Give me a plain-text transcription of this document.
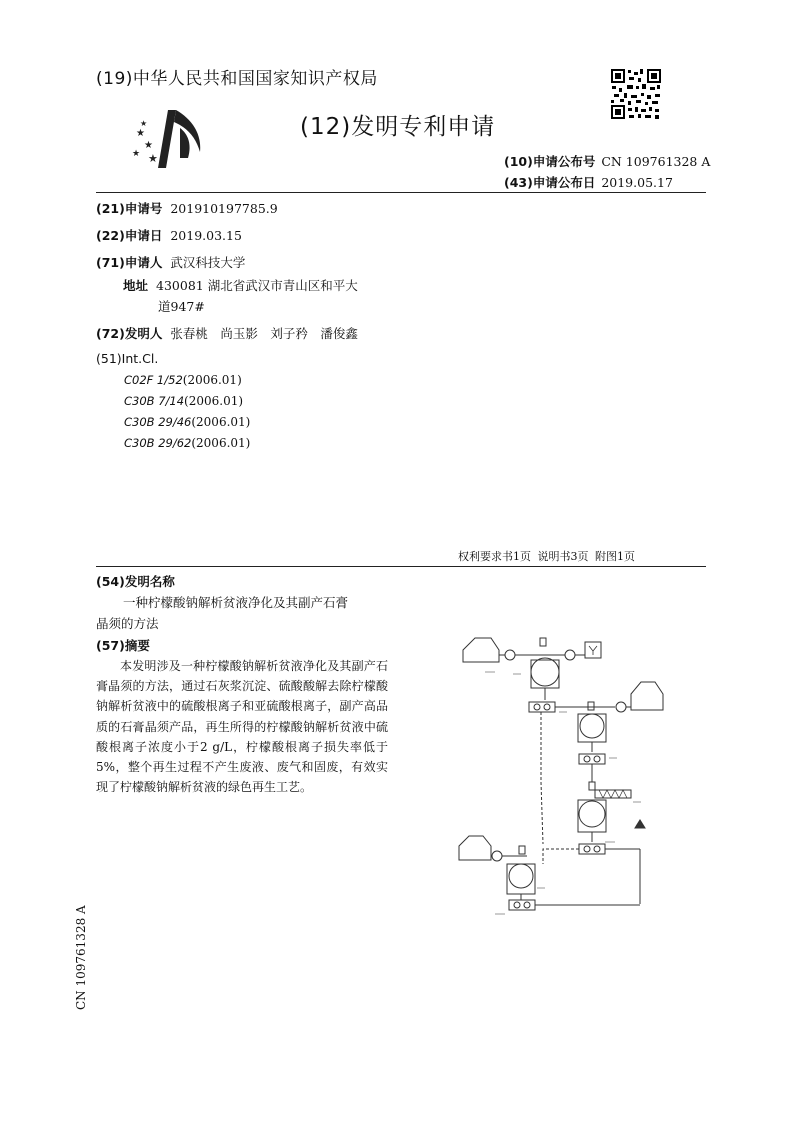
★
★
★ ★
★
(19)中华人民共和国国家知识产权局
(12)发明专利申请
(10)申请公布号 CN 109761328 A
(43)申请公布日 2019.05.17
(21)申请号 201910197785.9
(22)申请日 2019.03.15
(71)申请人 武汉科技大学
地址 430081 湖北省武汉市青山区和平大
道947#
(72)发明人 张春桃　尚玉影　刘子矜　潘俊鑫
(51)Int.Cl.
C02F 1/52(2006.01)
C30B 7/14(2006.01)
C30B 29/46(2006.01)
C30B 29/62(2006.01)
权利要求书1页 说明书3页 附图1页
(54)发明名称
一种柠檬酸钠解析贫液净化及其副产石膏
晶须的方法
(57)摘要
本发明涉及一种柠檬酸钠解析贫液净化及其副产石膏晶须的方法，通过石灰浆沉淀、硫酸酸解去除柠檬酸钠解析贫液中的硫酸根离子和亚硫酸根离子，副产高品质的石膏晶须产品，再生所得的柠檬酸钠解析贫液中硫酸根离子浓度小于2 g/L，柠檬酸根离子损失率低于5%，整个再生过程不产生废液、废气和固废，有效实现了柠檬酸钠解析贫液的绿色再生工艺。
CN 109761328 A
